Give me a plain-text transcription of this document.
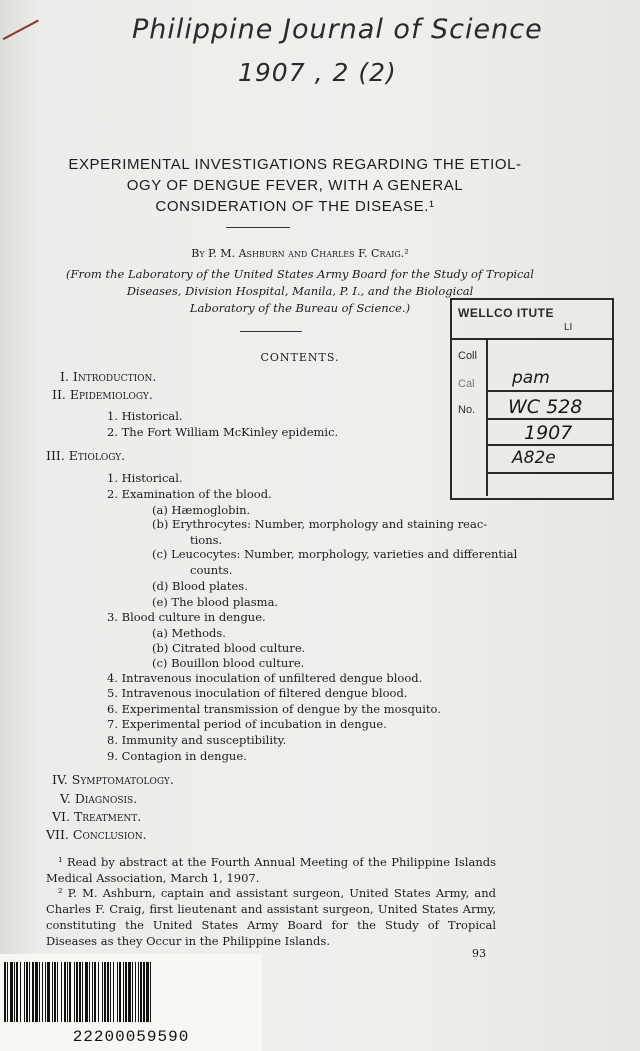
Philippine Journal of Science
1907 , 2 (2)
EXPERIMENTAL INVESTIGATIONS REGARDING THE ETIOL-
OGY OF DENGUE FEVER, WITH A GENERAL
CONSIDERATION OF THE DISEASE.¹
By P. M. Ashburn and Charles F. Craig.²
(From the Laboratory of the United States Army Board for the Study of Tropical
Diseases, Division Hospital, Manila, P. I., and the Biological
Laboratory of the Bureau of Science.)
CONTENTS.
I. Introduction.
II. Epidemiology.
1. Historical.
2. The Fort William McKinley epidemic.
III. Etiology.
1. Historical.
2. Examination of the blood.
(a) Hæmoglobin.
(b) Erythrocytes: Number, morphology and staining reac-
tions.
(c) Leucocytes: Number, morphology, varieties and differential
counts.
(d) Blood plates.
(e) The blood plasma.
3. Blood culture in dengue.
(a) Methods.
(b) Citrated blood culture.
(c) Bouillon blood culture.
4. Intravenous inoculation of unfiltered dengue blood.
5. Intravenous inoculation of filtered dengue blood.
6. Experimental transmission of dengue by the mosquito.
7. Experimental period of incubation in dengue.
8. Immunity and susceptibility.
9. Contagion in dengue.
IV. Symptomatology.
V. Diagnosis.
VI. Treatment.
VII. Conclusion.
¹ Read by abstract at the Fourth Annual Meeting of the Philippine Islands Medical Association, March 1, 1907.
² P. M. Ashburn, captain and assistant surgeon, United States Army, and Charles F. Craig, first lieutenant and assistant surgeon, United States Army, constituting the United States Army Board for the Study of Tropical Diseases as they Occur in the Philippine Islands.
93
WELLCO ITUTE
LI
Coll
Cal pam
No. WC 528
1907
A82e
22200059590
